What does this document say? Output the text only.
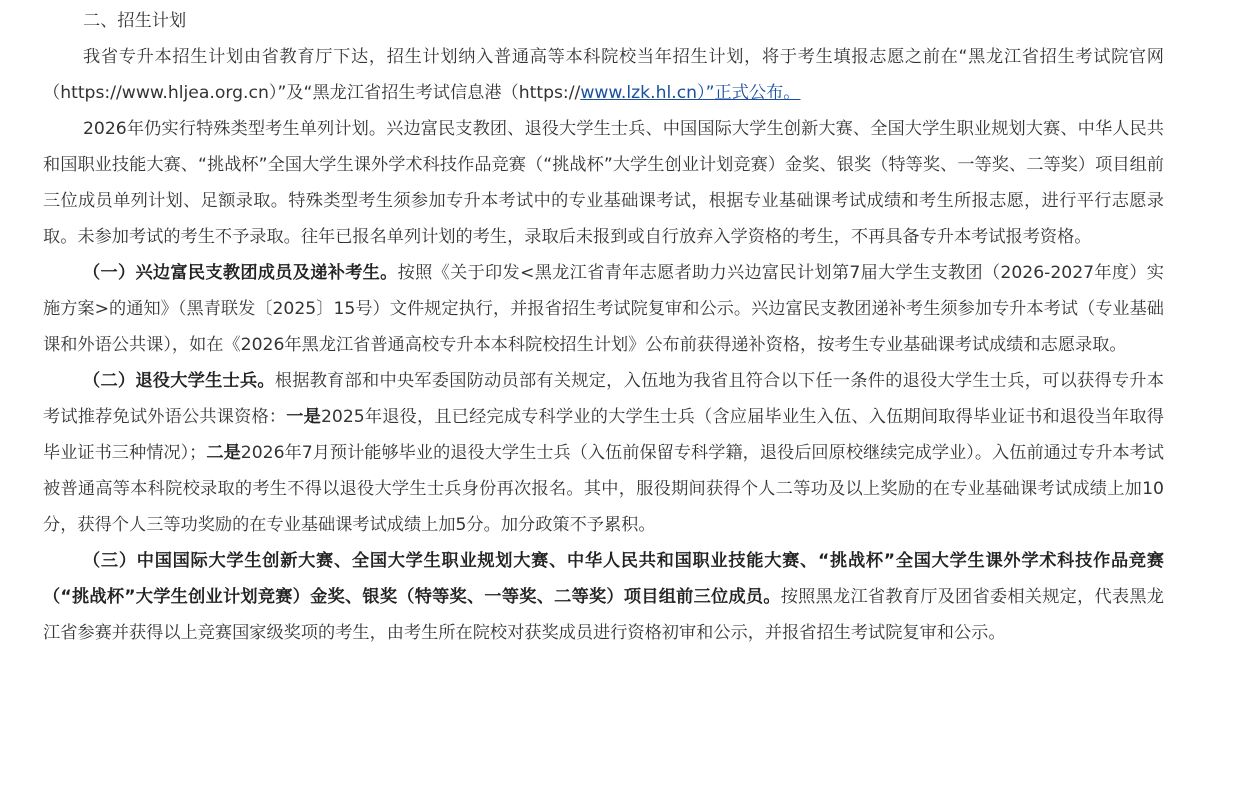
二、招生计划

我省专升本招生计划由省教育厅下达，招生计划纳入普通高等本科院校当年招生计划，将于考生填报志愿之前在“黑龙江省招生考试院官网（https://www.hljea.org.cn）”及“黑龙江省招生考试信息港（https://www.lzk.hl.cn）”正式公布。

2026年仍实行特殊类型考生单列计划。兴边富民支教团、退役大学生士兵、中国国际大学生创新大赛、全国大学生职业规划大赛、中华人民共和国职业技能大赛、“挑战杯”全国大学生课外学术科技作品竞赛（“挑战杯”大学生创业计划竞赛）金奖、银奖（特等奖、一等奖、二等奖）项目组前三位成员单列计划、足额录取。特殊类型考生须参加专升本考试中的专业基础课考试，根据专业基础课考试成绩和考生所报志愿，进行平行志愿录取。未参加考试的考生不予录取。往年已报名单列计划的考生，录取后未报到或自行放弃入学资格的考生，不再具备专升本考试报考资格。

（一）兴边富民支教团成员及递补考生。按照《关于印发<黑龙江省青年志愿者助力兴边富民计划第7届大学生支教团（2026-2027年度）实施方案>的通知》（黑青联发〔2025〕15号）文件规定执行，并报省招生考试院复审和公示。兴边富民支教团递补考生须参加专升本考试（专业基础课和外语公共课），如在《2026年黑龙江省普通高校专升本本科院校招生计划》公布前获得递补资格，按考生专业基础课考试成绩和志愿录取。

（二）退役大学生士兵。根据教育部和中央军委国防动员部有关规定，入伍地为我省且符合以下任一条件的退役大学生士兵，可以获得专升本考试推荐免试外语公共课资格：一是2025年退役，且已经完成专科学业的大学生士兵（含应届毕业生入伍、入伍期间取得毕业证书和退役当年取得毕业证书三种情况）；二是2026年7月预计能够毕业的退役大学生士兵（入伍前保留专科学籍，退役后回原校继续完成学业）。入伍前通过专升本考试被普通高等本科院校录取的考生不得以退役大学生士兵身份再次报名。其中，服役期间获得个人二等功及以上奖励的在专业基础课考试成绩上加10分，获得个人三等功奖励的在专业基础课考试成绩上加5分。加分政策不予累积。

（三）中国国际大学生创新大赛、全国大学生职业规划大赛、中华人民共和国职业技能大赛、“挑战杯”全国大学生课外学术科技作品竞赛（“挑战杯”大学生创业计划竞赛）金奖、银奖（特等奖、一等奖、二等奖）项目组前三位成员。按照黑龙江省教育厅及团省委相关规定，代表黑龙江省参赛并获得以上竞赛国家级奖项的考生，由考生所在院校对获奖成员进行资格初审和公示，并报省招生考试院复审和公示。
